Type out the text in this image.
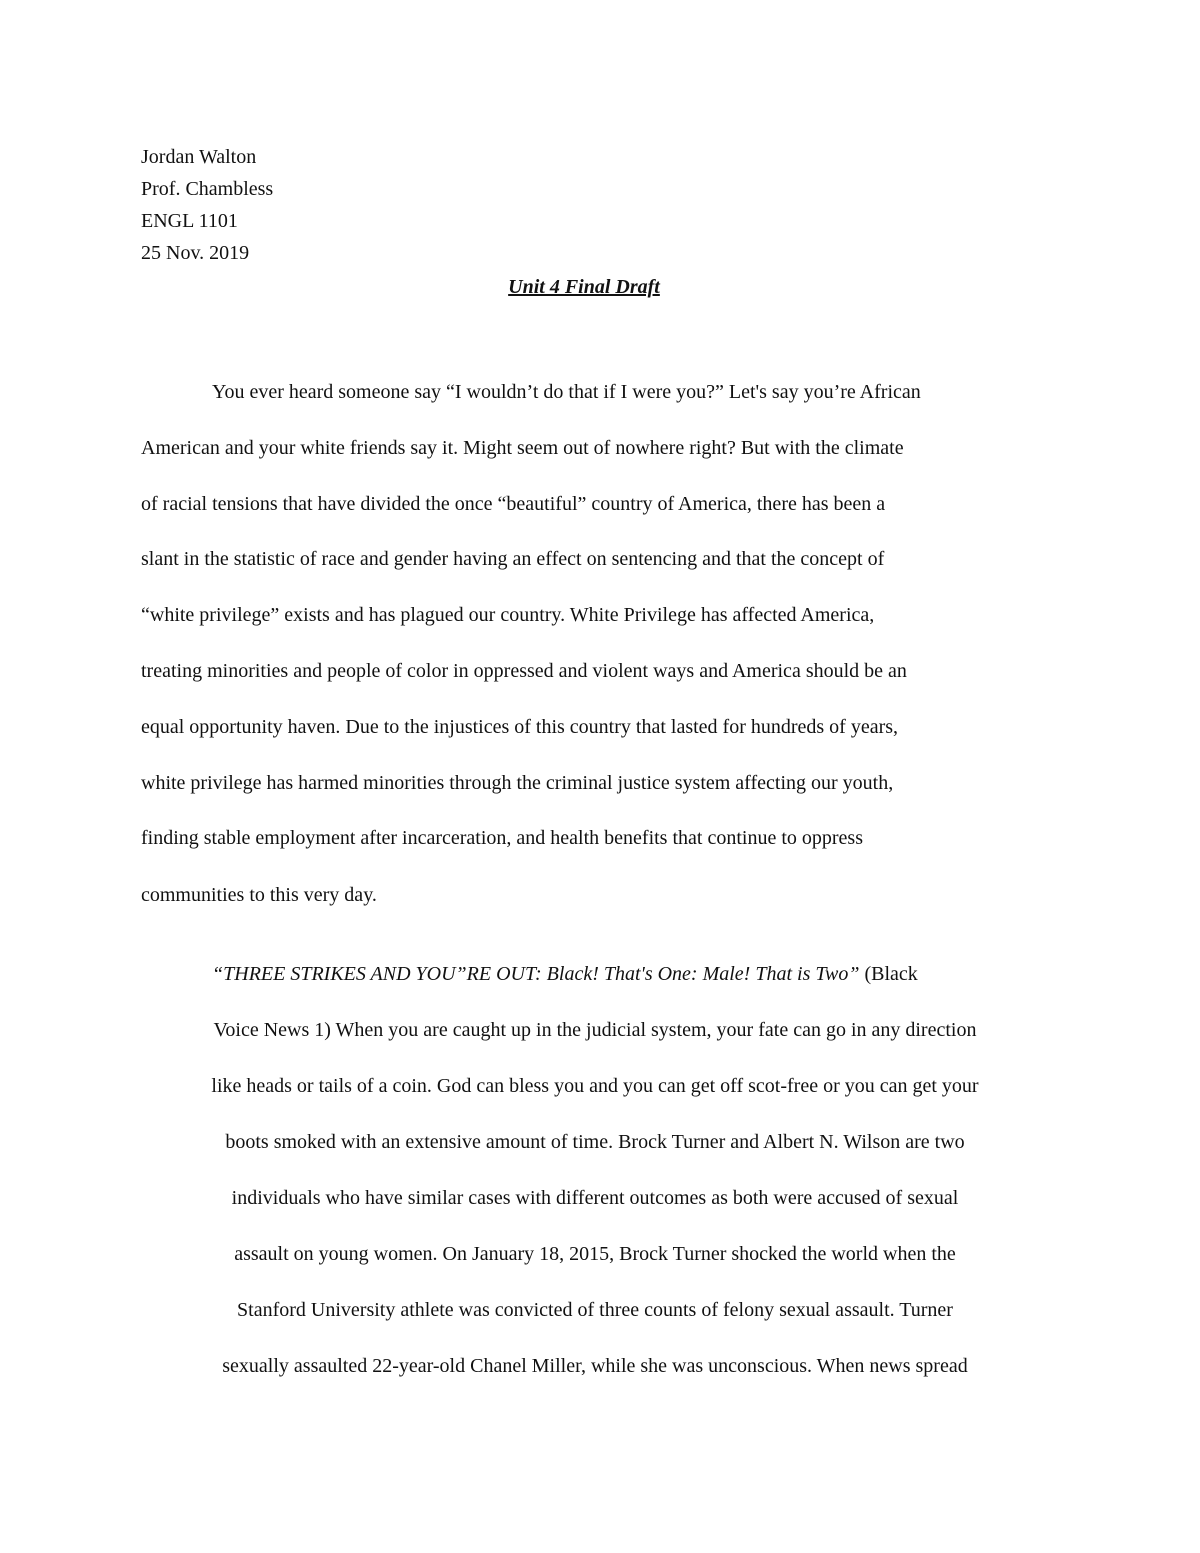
Jordan Walton
Prof. Chambless
ENGL 1101
25 Nov. 2019
Unit 4 Final Draft
You ever heard someone say “I wouldn’t do that if I were you?” Let's say you’re African
American and your white friends say it. Might seem out of nowhere right? But with the climate
of racial tensions that have divided the once “beautiful” country of America, there has been a
slant in the statistic of race and gender having an effect on sentencing and that the concept of
“white privilege” exists and has plagued our country. White Privilege has affected America,
treating minorities and people of color in oppressed and violent ways and America should be an
equal opportunity haven. Due to the injustices of this country that lasted for hundreds of years,
white privilege has harmed minorities through the criminal justice system affecting our youth,
finding stable employment after incarceration, and health benefits that continue to oppress
communities to this very day.
“THREE STRIKES AND YOU”RE OUT: Black! That's One: Male! That is Two” (Black
Voice News 1) When you are caught up in the judicial system, your fate can go in any direction
like heads or tails of a coin. God can bless you and you can get off scot-free or you can get your
boots smoked with an extensive amount of time. Brock Turner and Albert N. Wilson are two
individuals who have similar cases with different outcomes as both were accused of sexual
assault on young women. On January 18, 2015, Brock Turner shocked the world when the
Stanford University athlete was convicted of three counts of felony sexual assault. Turner
sexually assaulted 22-year-old Chanel Miller, while she was unconscious. When news spread
